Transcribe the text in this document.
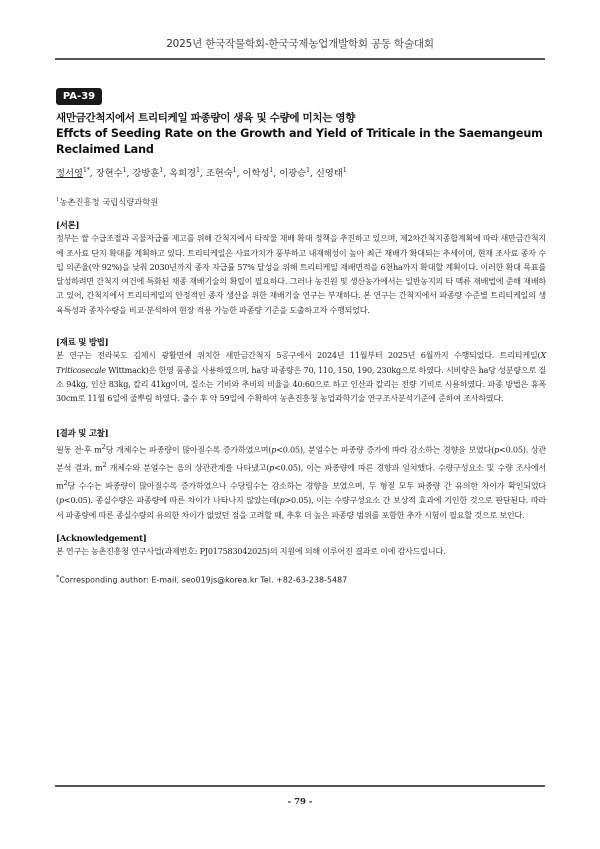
2025년 한국작물학회-한국국제농업개발학회 공동 학술대회
PA-39
새만금간척지에서 트리티케일 파종량이 생육 및 수량에 미치는 영향
Effcts of Seeding Rate on the Growth and Yield of Triticale in the Saemangeum Reclaimed Land
정서영$^{1*}$, 장현수$^1$, 강방훈$^1$, 옥희경$^1$, 조현숙$^1$, 이학성$^1$, 이광승$^1$, 신영태$^1$
$^1$농촌진흥청 국립식량과학원
[서론]

정부는 쌀 수급조절과 곡물자급률 제고를 위해 간척지에서 타작물 재배 확대 정책을 추진하고 있으며, 제2차간척지종합계획에 따라 새만금간척지에 조사료 단지 확대를 계획하고 있다. 트리티케일은 사료가치가 풍부하고 내재해성이 높아 최근 재배가 확대되는 추세이며, 현재 조사료 종자 수입 의존율(약 92%)을 낮춰 2030년까지 종자 자급률 57% 달성을 위해 트리티케일 재배면적을 6천ha까지 확대할 계획이다. 이러한 확대 목표를 달성하려면 간척지 여건에 특화된 채종 재배기술의 확립이 필요하다. 그러나 농진원 및 생산농가에서는 일반농지의 타 맥류 재배법에 준해 재배하고 있어, 간척지에서 트리티케일의 안정적인 종자 생산을 위한 재배기술 연구는 부재하다. 본 연구는 간척지에서 파종량 수준별 트리티케일의 생육특성과 종자수량을 비교·분석하여 현장 적용 가능한 파종량 기준을 도출하고자 수행되었다.

[재료 및 방법]

본 연구는 전라북도 김제시 광활면에 위치한 새만금간척지 5공구에서 2024년 11월부터 2025년 6월까지 수행되었다. 트리티케일(X Triticosecale Wittmack)은 한영 품종을 사용하였으며, ha당 파종량은 70, 110, 150, 190, 230kg으로 하였다. 시비량은 ha당 성분량으로 질소 94kg, 인산 83kg, 칼리 41kg이며, 질소는 기비와 추비의 비율을 40:60으로 하고 인산과 칼리는 전량 기비로 시용하였다. 파종 방법은 휴폭 30cm로 11월 6일에 줄뿌림 하였다. 출수 후 약 59일에 수확하여 농촌진흥청 농업과학기술 연구조사분석기준에 준하여 조사하였다.

[결과 및 고찰]

월동 전·후 $m^2$당 개체수는 파종량이 많아질수록 증가하였으며(p<0.05), 분얼수는 파종량 증가에 따라 감소하는 경향을 보였다(p<0.05). 상관분석 결과, $m^2$ 개체수와 분얼수는 음의 상관관계를 나타냈고(p<0.05), 이는 파종량에 따른 경향과 일치했다. 수량구성요소 및 수량 조사에서 $m^2$당 수수는 파종량이 많아질수록 증가하였으나 수당립수는 감소하는 경향을 보였으며, 두 형질 모두 파종량 간 유의한 차이가 확인되었다(p<0.05). 종실수량은 파종량에 따른 차이가 나타나지 않았는데(p>0.05), 이는 수량구성요소 간 보상적 효과에 기인한 것으로 판단된다. 따라서 파종량에 따른 종실수량의 유의한 차이가 없었던 점을 고려할 때, 추후 더 높은 파종량 범위를 포함한 추가 시험이 필요할 것으로 보인다.

[Acknowledgement]

본 연구는 농촌진흥청 연구사업(과제번호: PJ017583042025)의 지원에 의해 이루어진 결과로 이에 감사드립니다.

*Corresponding author: E-mail, seo019js@korea.kr Tel. +82-63-238-5487
- 79 -
